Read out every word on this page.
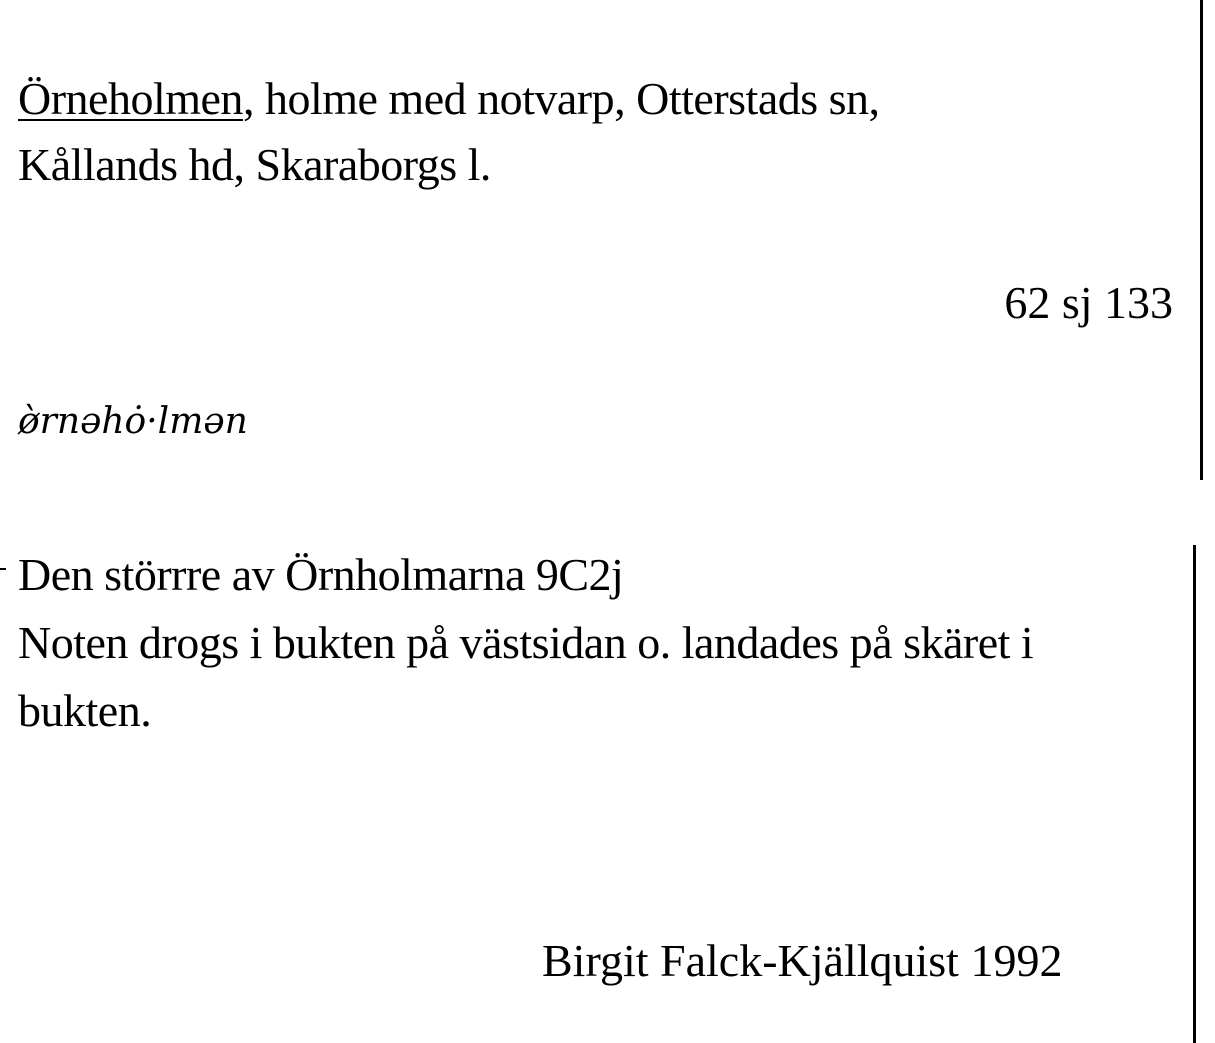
Örneholmen, holme med notvarp, Otterstads sn,
Kållands hd, Skaraborgs l.
62 sj 133
ø̀rnəhȯ·lmən
Den störrre av Örnholmarna 9C2j
Noten drogs i bukten på västsidan o. landades på skäret i
bukten.
Birgit Falck-Kjällquist 1992
